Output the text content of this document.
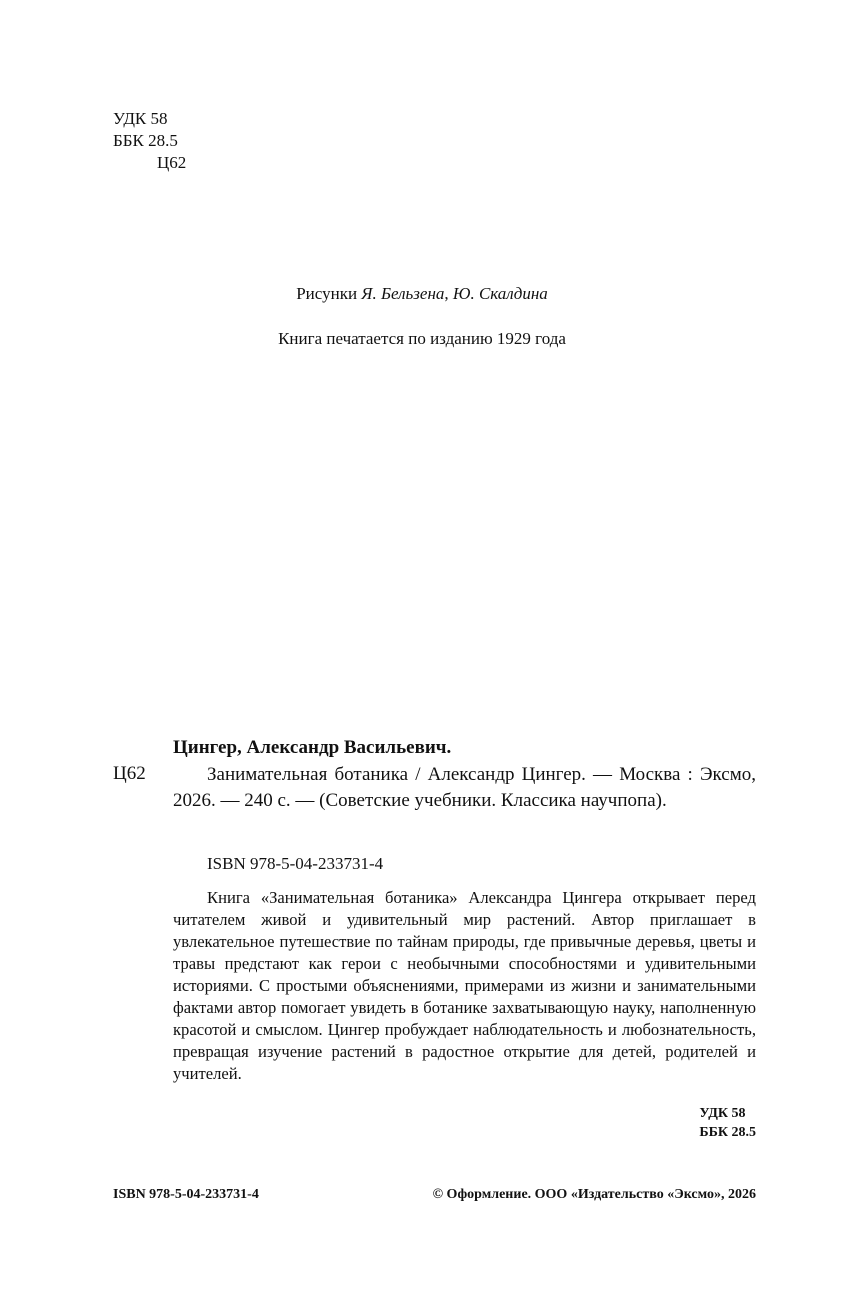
УДК 58
ББК 28.5
Ц62
Рисунки Я. Бельзена, Ю. Скалдина
Книга печатается по изданию 1929 года
Цингер, Александр Васильевич.
Ц62	Занимательная ботаника / Александр Цингер. — Москва : Эксмо, 2026. — 240 с. — (Советские учебники. Классика научпопа).
ISBN 978-5-04-233731-4
Книга «Занимательная ботаника» Александра Цингера открывает перед читателем живой и удивительный мир растений. Автор приглашает в увлекательное путешествие по тайнам природы, где привычные деревья, цветы и травы предстают как герои с необычными способностями и удивительными историями. С простыми объяснениями, примерами из жизни и занимательными фактами автор помогает увидеть в ботанике захватывающую науку, наполненную красотой и смыслом. Цингер пробуждает наблюдательность и любознательность, превращая изучение растений в радостное открытие для детей, родителей и учителей.
УДК 58
ББК 28.5
ISBN 978-5-04-233731-4	© Оформление. ООО «Издательство «Эксмо», 2026
